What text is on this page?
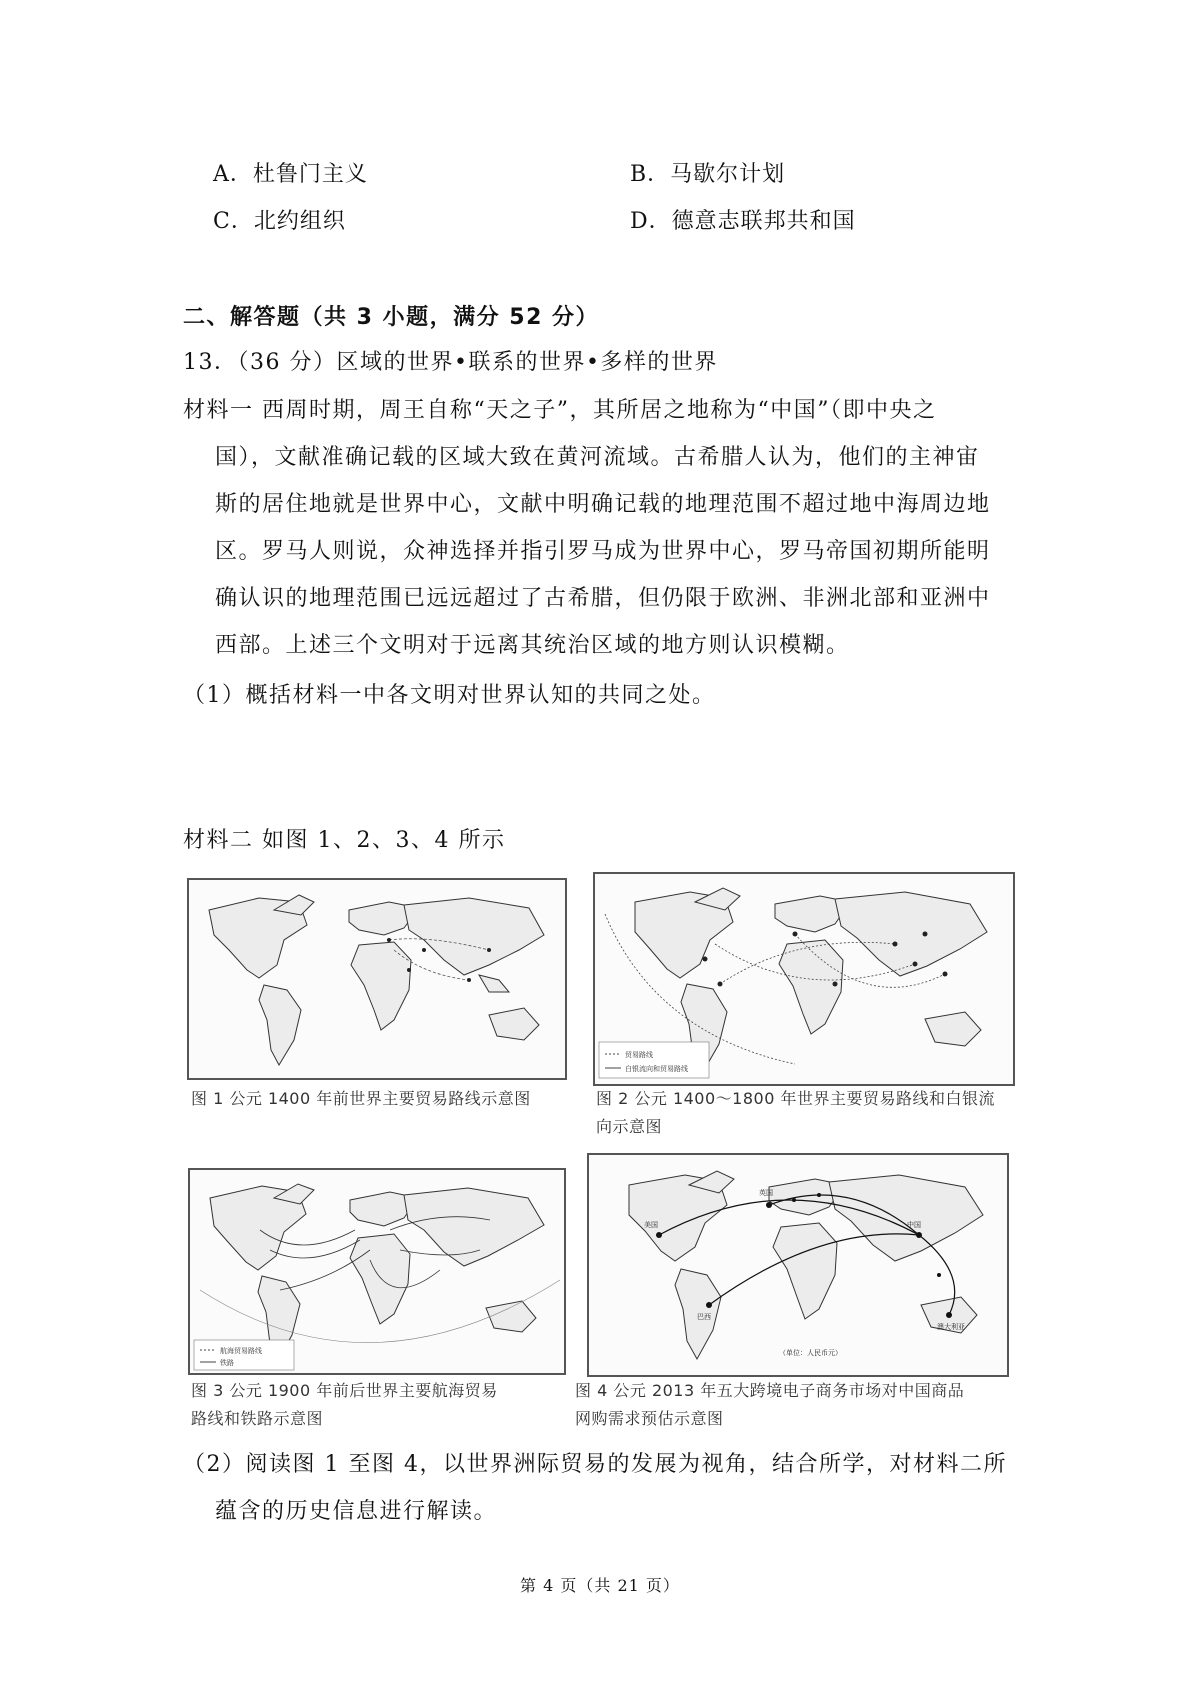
A．杜鲁门主义	B．马歇尔计划
C．北约组织	D．德意志联邦共和国
二、解答题（共 3 小题，满分 52 分）
13．（36 分）区域的世界•联系的世界•多样的世界
材料一 西周时期，周王自称“天之子”，其所居之地称为“中国”（即中央之
国），文献准确记载的区域大致在黄河流域。古希腊人认为，他们的主神宙
斯的居住地就是世界中心，文献中明确记载的地理范围不超过地中海周边地
区。罗马人则说，众神选择并指引罗马成为世界中心，罗马帝国初期所能明
确认识的地理范围已远远超过了古希腊，但仍限于欧洲、非洲北部和亚洲中
西部。上述三个文明对于远离其统治区域的地方则认识模糊。
（1）概括材料一中各文明对世界认知的共同之处。
材料二 如图 1、2、3、4 所示
图 1 公元 1400 年前世界主要贸易路线示意图
贸易路线
白银流向和贸易路线
图 2 公元 1400～1800 年世界主要贸易路线和白银流
向示意图
航海贸易路线
铁路
图 3 公元 1900 年前后世界主要航海贸易
路线和铁路示意图
英国
美国	中国
巴西
澳大利亚
（单位：人民币元）
图 4 公元 2013 年五大跨境电子商务市场对中国商品
网购需求预估示意图
（2）阅读图 1 至图 4，以世界洲际贸易的发展为视角，结合所学，对材料二所
蕴含的历史信息进行解读。
第 4 页（共 21 页）
